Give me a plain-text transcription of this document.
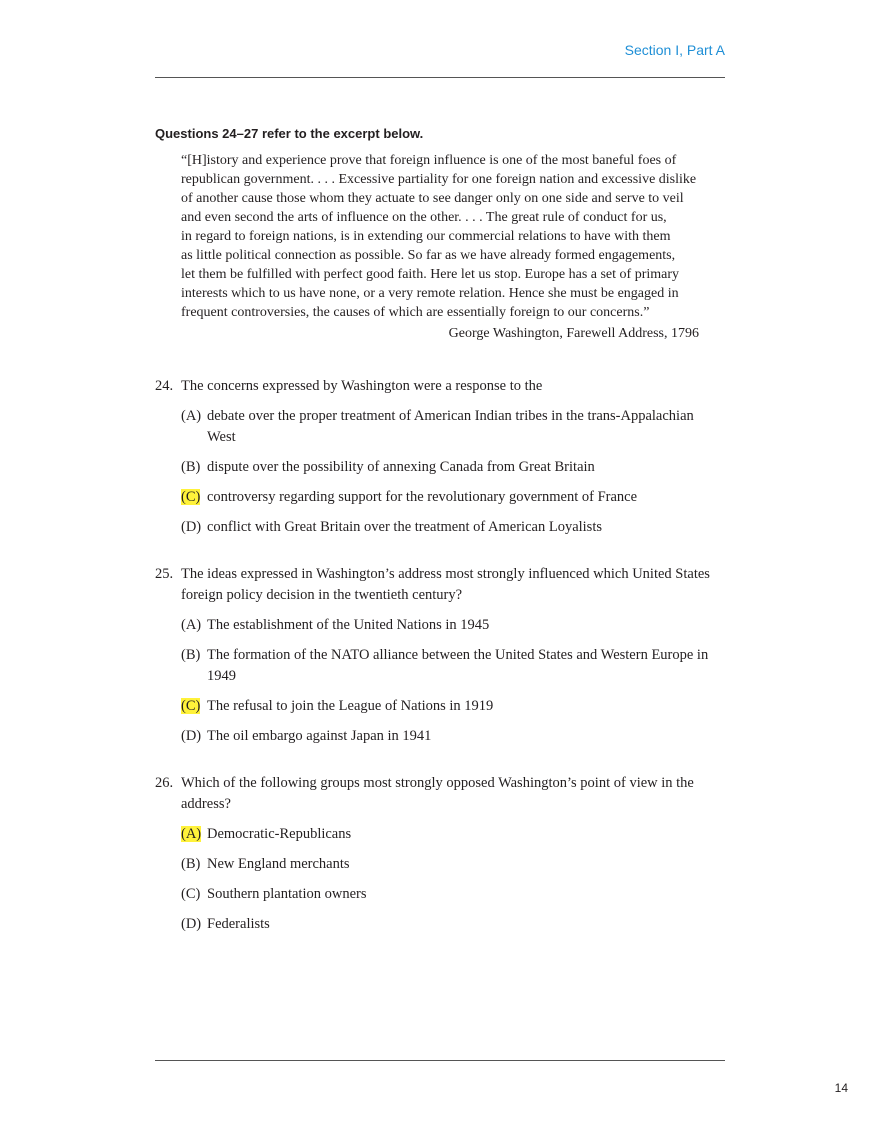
Section I, Part A
Questions 24–27 refer to the excerpt below.
“[H]istory and experience prove that foreign influence is one of the most baneful foes of
republican government. . . . Excessive partiality for one foreign nation and excessive dislike
of another cause those whom they actuate to see danger only on one side and serve to veil
and even second the arts of influence on the other. . . . The great rule of conduct for us,
in regard to foreign nations, is in extending our commercial relations to have with them
as little political connection as possible. So far as we have already formed engagements,
let them be fulfilled with perfect good faith. Here let us stop. Europe has a set of primary
interests which to us have none, or a very remote relation. Hence she must be engaged in
frequent controversies, the causes of which are essentially foreign to our concerns.”
George Washington, Farewell Address, 1796
24. The concerns expressed by Washington were a response to the
(A) debate over the proper treatment of American Indian tribes in the trans-Appalachian West
(B) dispute over the possibility of annexing Canada from Great Britain
(C) controversy regarding support for the revolutionary government of France
(D) conflict with Great Britain over the treatment of American Loyalists
25. The ideas expressed in Washington’s address most strongly influenced which United States foreign policy decision in the twentieth century?
(A) The establishment of the United Nations in 1945
(B) The formation of the NATO alliance between the United States and Western Europe in 1949
(C) The refusal to join the League of Nations in 1919
(D) The oil embargo against Japan in 1941
26. Which of the following groups most strongly opposed Washington’s point of view in the address?
(A) Democratic-Republicans
(B) New England merchants
(C) Southern plantation owners
(D) Federalists
14
